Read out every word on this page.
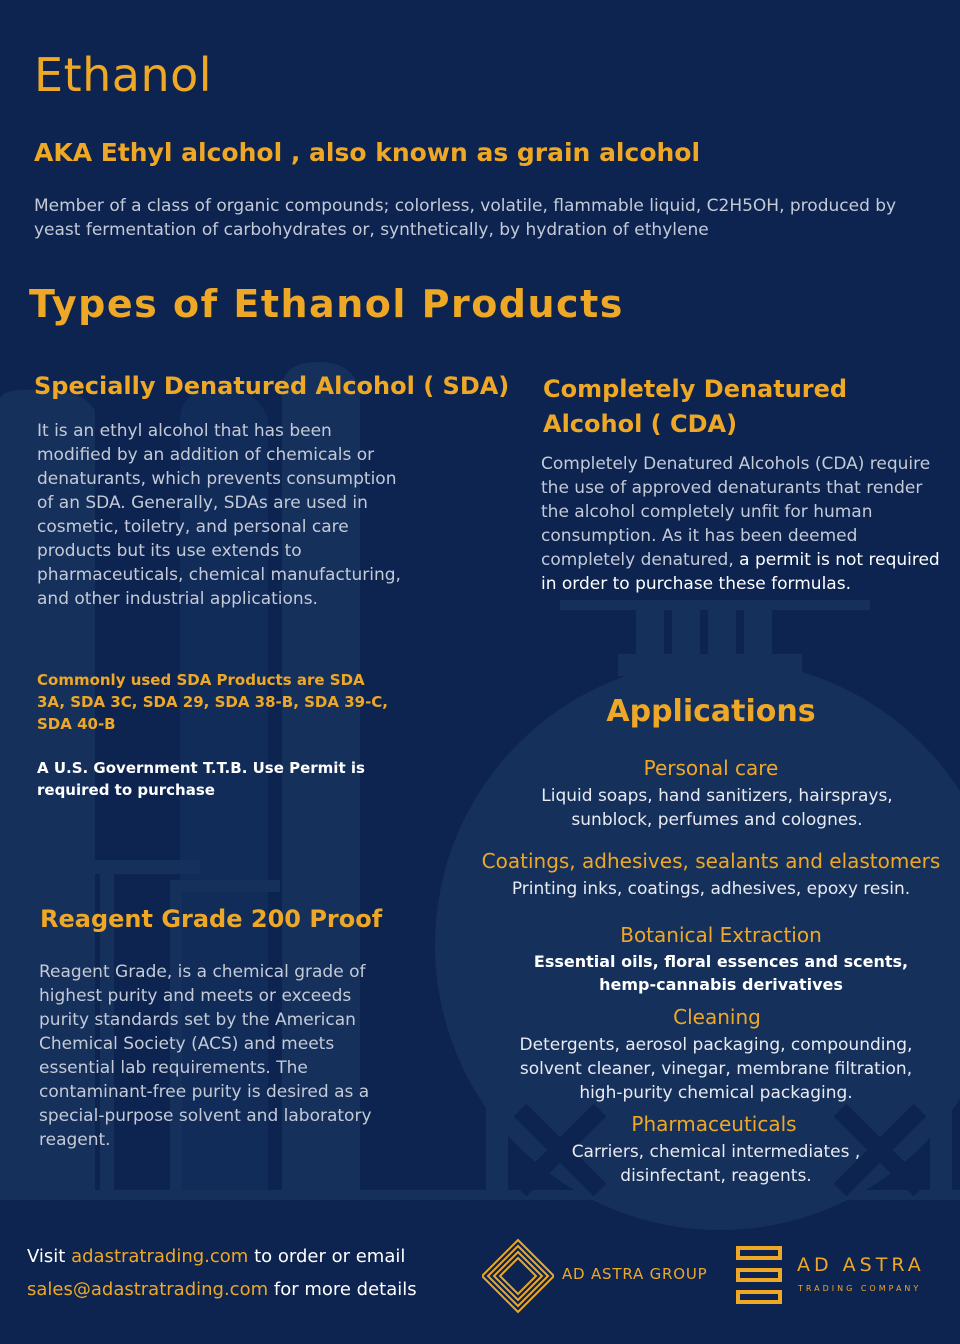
Ethanol
AKA Ethyl alcohol , also known as grain alcohol

Member of a class of organic compounds; colorless, volatile, flammable liquid, C2H5OH, produced by yeast fermentation of carbohydrates or, synthetically, by hydration of ethylene

Types of Ethanol Products
Specially Denatured Alcohol ( SDA)

It is an ethyl alcohol that has been modified by an addition of chemicals or denaturants, which prevents consumption of an SDA. Generally, SDAs are used in cosmetic, toiletry, and personal care products but its use extends to pharmaceuticals, chemical manufacturing, and other industrial applications.

Commonly used SDA Products are SDA 3A, SDA 3C, SDA 29, SDA 38-B, SDA 39-C, SDA 40-B

A U.S. Government T.T.B. Use Permit is required to purchase

Completely Denatured Alcohol ( CDA)

Completely Denatured Alcohols (CDA) require the use of approved denaturants that render the alcohol completely unfit for human consumption. As it has been deemed completely denatured, a permit is not required in order to purchase these formulas.

Reagent Grade 200 Proof

Reagent Grade, is a chemical grade of highest purity and meets or exceeds purity standards set by the American Chemical Society (ACS) and meets essential lab requirements. The contaminant-free purity is desired as a special-purpose solvent and laboratory reagent.

Applications
Personal care
Liquid soaps, hand sanitizers, hairsprays, sunblock, perfumes and colognes.
Coatings, adhesives, sealants and elastomers
Printing inks, coatings, adhesives, epoxy resin.
Botanical Extraction
Essential oils, floral essences and scents, hemp-cannabis derivatives
Cleaning
Detergents, aerosol packaging, compounding, solvent cleaner, vinegar, membrane filtration, high-purity chemical packaging.
Pharmaceuticals
Carriers, chemical intermediates , disinfectant, reagents.
Visit adastratrading.com to order or email
sales@adastratrading.com for more details
AD ASTRA GROUP	AD ASTRA
TRADING COMPANY
